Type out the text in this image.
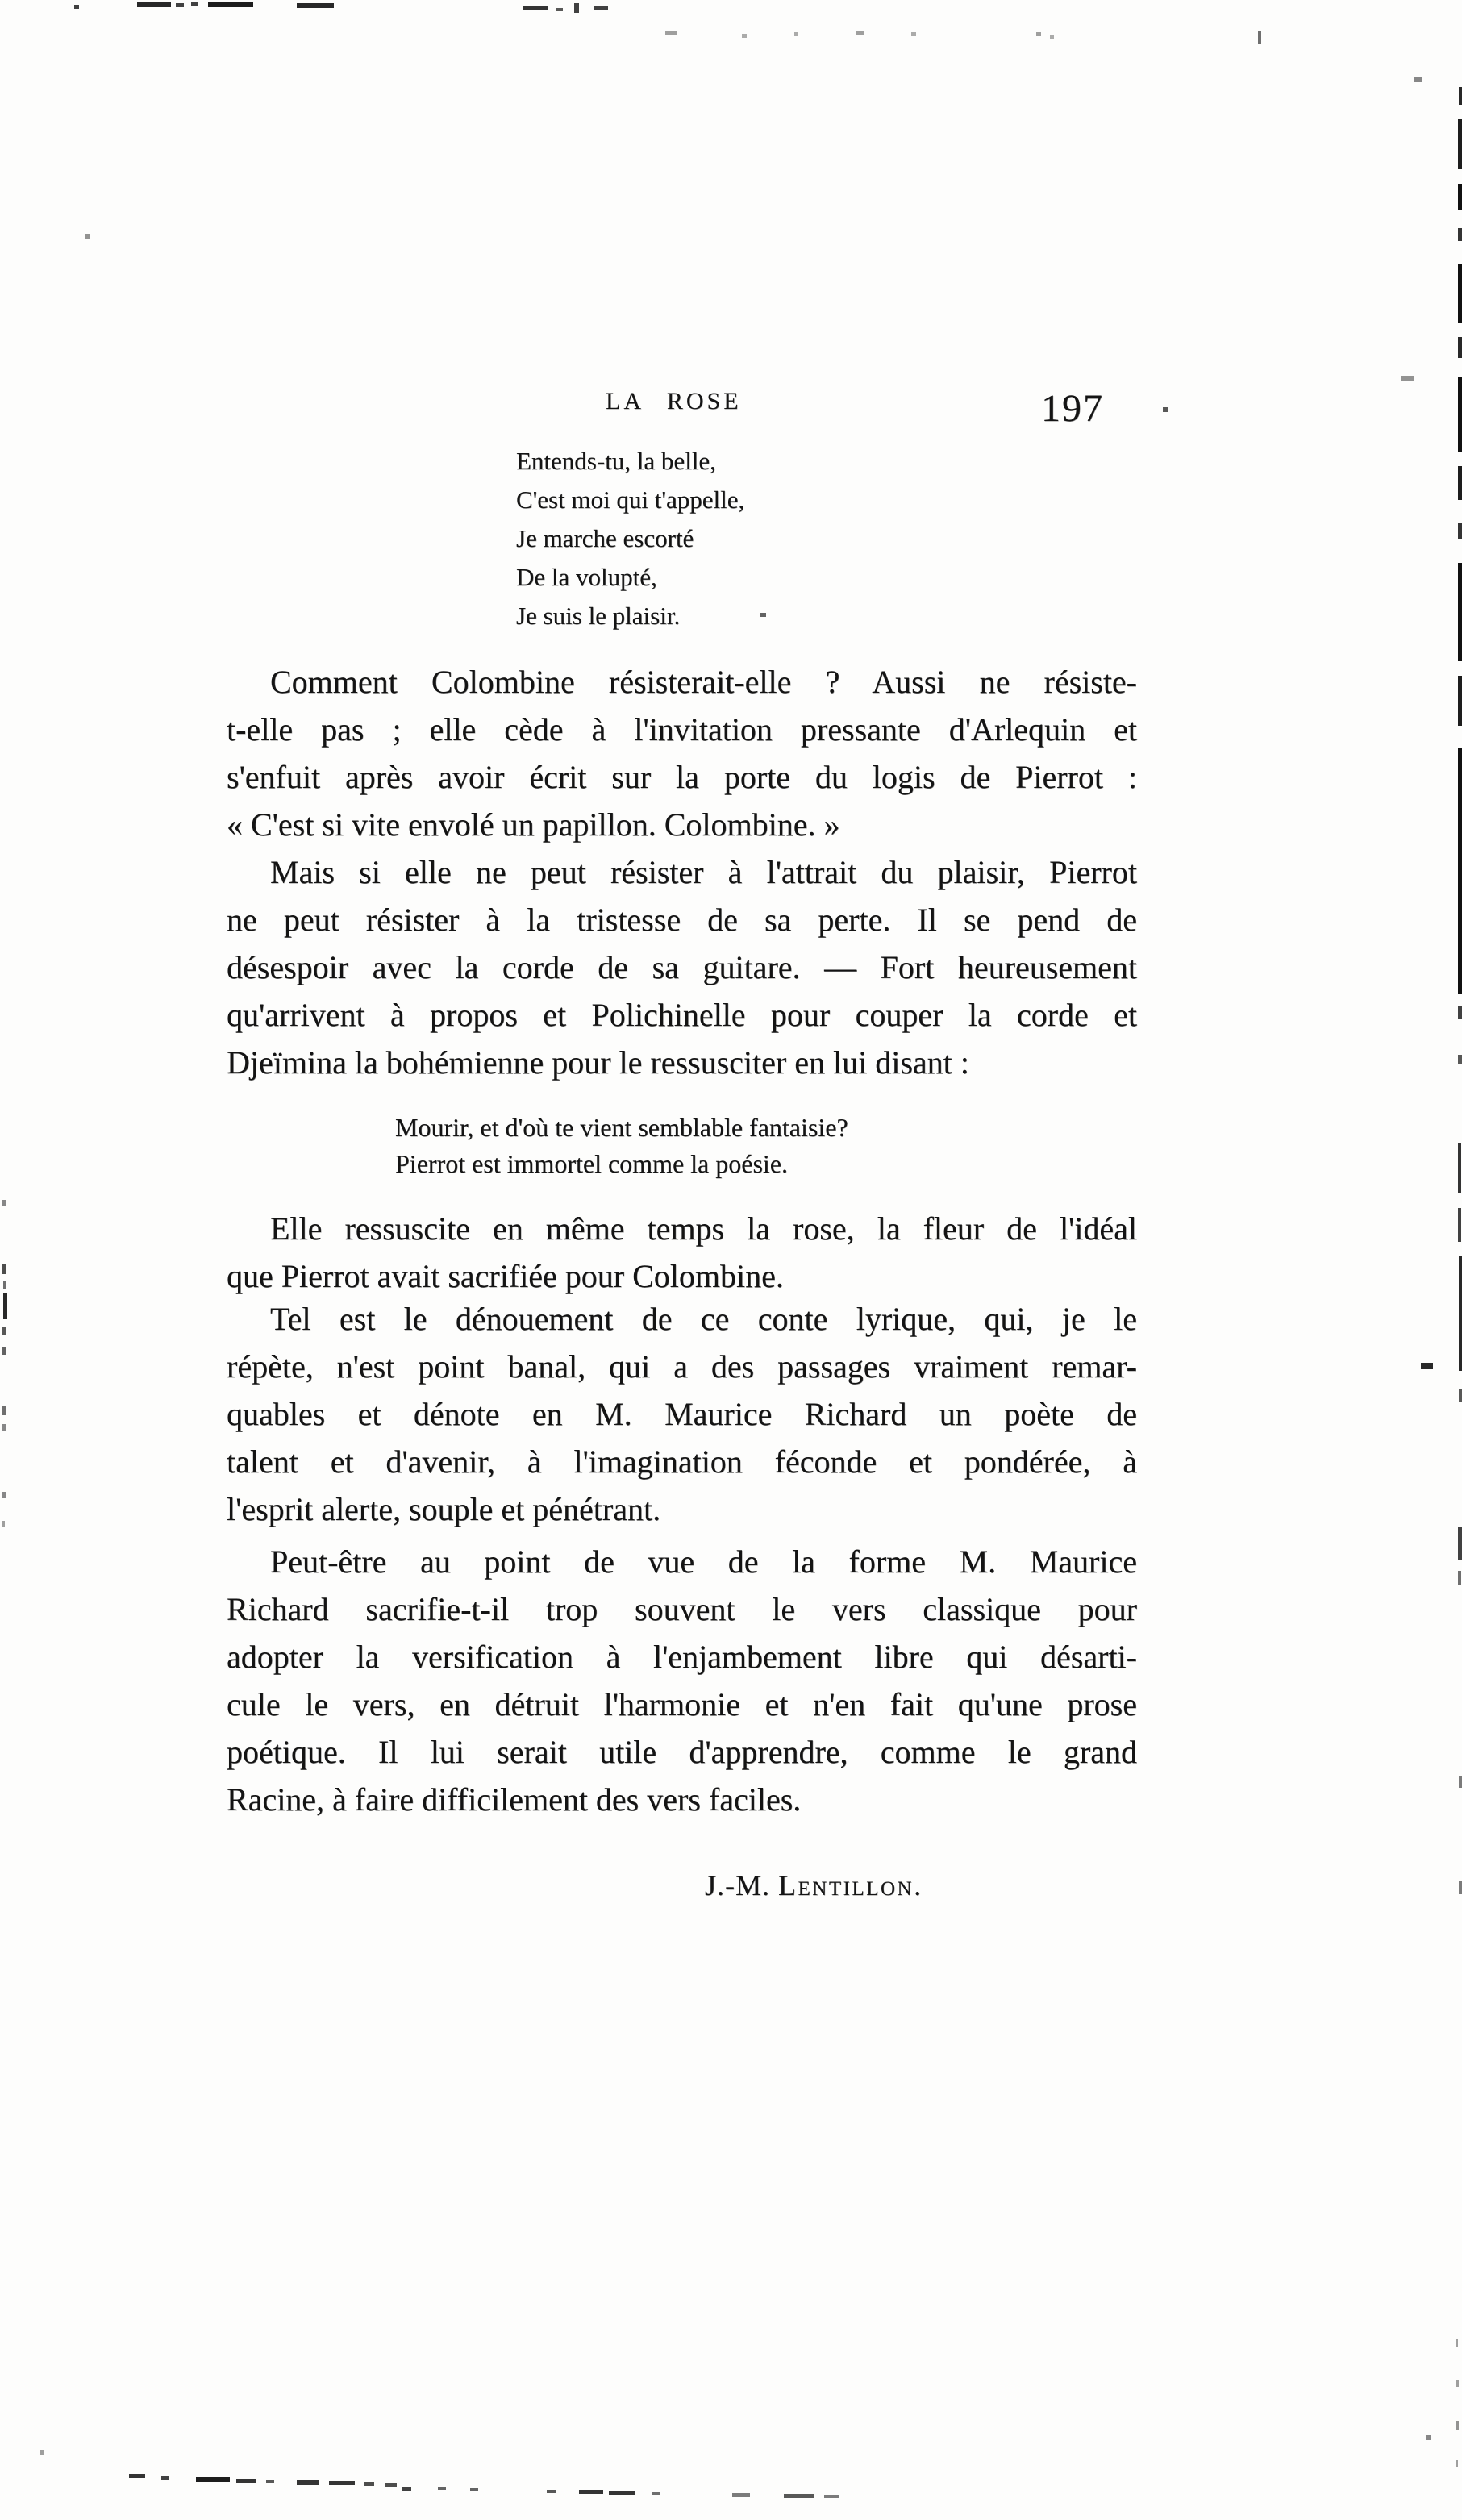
LA ROSE	197
Entends-tu, la belle,
C'est moi qui t'appelle,
Je marche escorté
De la volupté,
Je suis le plaisir.
Comment Colombine résisterait-elle ? Aussi ne résiste-
t-elle pas ; elle cède à l'invitation pressante d'Arlequin et
s'enfuit après avoir écrit sur la porte du logis de Pierrot :
« C'est si vite envolé un papillon. Colombine. »
Mais si elle ne peut résister à l'attrait du plaisir, Pierrot
ne peut résister à la tristesse de sa perte. Il se pend de
désespoir avec la corde de sa guitare. — Fort heureusement
qu'arrivent à propos et Polichinelle pour couper la corde et
Djeïmina la bohémienne pour le ressusciter en lui disant :
Mourir, et d'où te vient semblable fantaisie?
Pierrot est immortel comme la poésie.
Elle ressuscite en même temps la rose, la fleur de l'idéal
que Pierrot avait sacrifiée pour Colombine.
Tel est le dénouement de ce conte lyrique, qui, je le
répète, n'est point banal, qui a des passages vraiment remar-
quables et dénote en M. Maurice Richard un poète de
talent et d'avenir, à l'imagination féconde et pondérée, à
l'esprit alerte, souple et pénétrant.
Peut-être au point de vue de la forme M. Maurice
Richard sacrifie-t-il trop souvent le vers classique pour
adopter la versification à l'enjambement libre qui désarti-
cule le vers, en détruit l'harmonie et n'en fait qu'une prose
poétique. Il lui serait utile d'apprendre, comme le grand
Racine, à faire difficilement des vers faciles.
J.-M. Lentillon.
